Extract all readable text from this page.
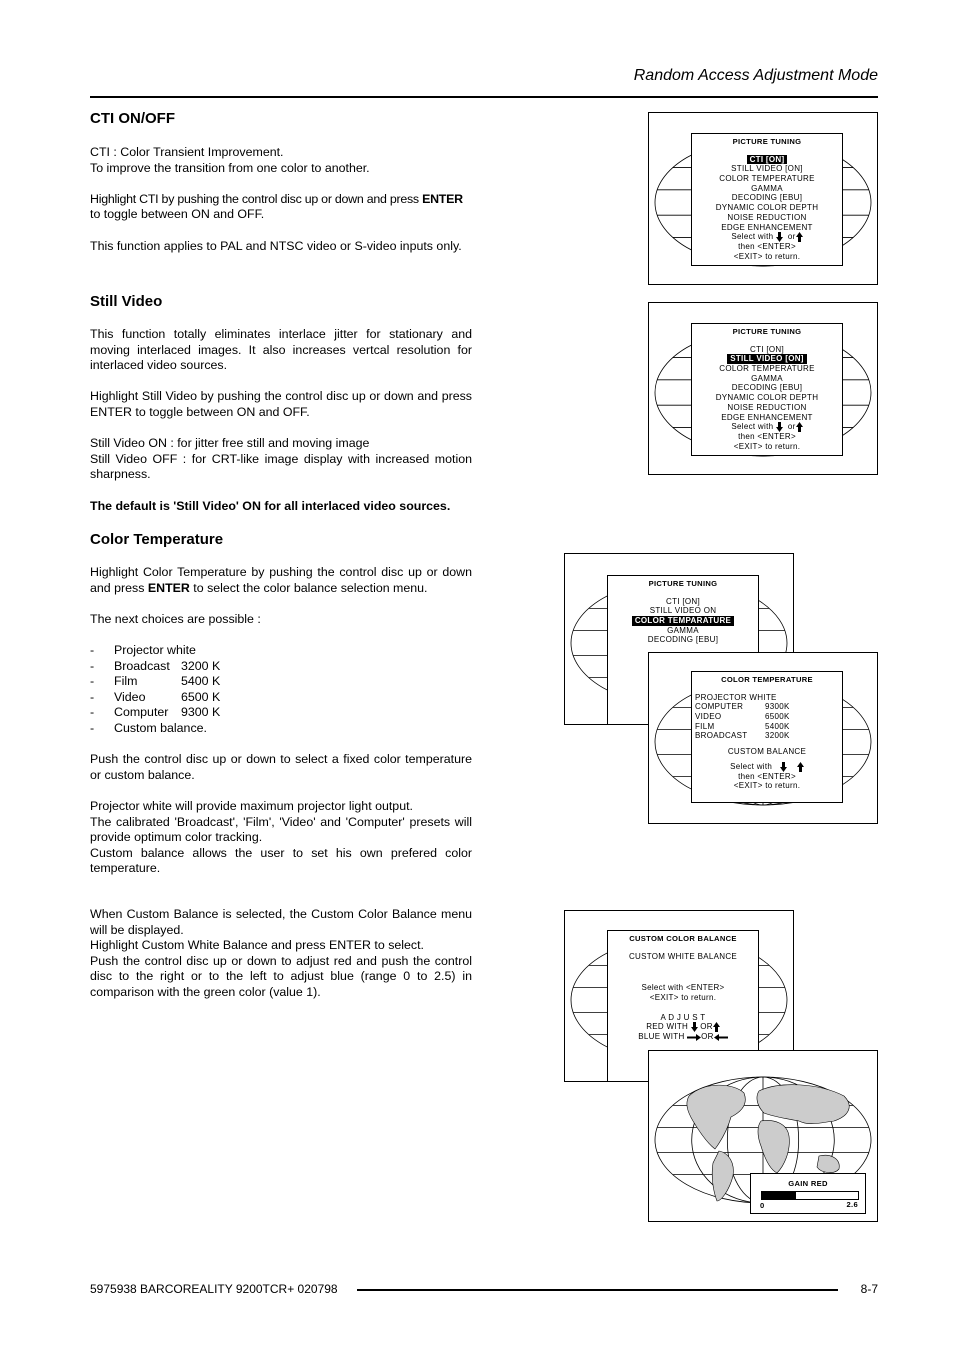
Random Access Adjustment Mode
CTI ON/OFF
CTI : Color Transient Improvement.
To improve the transition from one color to another.
Highlight CTI by pushing the control disc up or down and press ENTER
to toggle between ON and OFF.
This function applies to PAL and NTSC video or S-video inputs only.
Still Video
This function totally eliminates interlace jitter for stationary and moving interlaced images. It also increases vertcal resolution for interlaced video sources.
Highlight Still Video by pushing the control disc up or down and press ENTER to toggle between ON and OFF.
Still Video ON : for jitter free still and moving image
Still Video OFF : for CRT-like image display with increased motion sharpness.
The default is 'Still Video' ON for all interlaced video sources.
Color Temperature
Highlight Color Temperature by pushing the control disc up or down and press ENTER to select the color balance selection menu.
The next choices are possible :
- Projector white
- Broadcast 3200 K
- Film	5400 K
- Video	6500 K
- Computer 9300 K
- Custom balance.
Push the control disc up or down to select a fixed color temperature or custom balance.
Projector white will provide maximum projector light output.
The calibrated 'Broadcast', 'Film', 'Video' and 'Computer' presets will provide optimum color tracking.
Custom balance allows the user to set his own prefered color temperature.
When Custom Balance is selected, the Custom Color Balance menu will be displayed.
Highlight Custom White Balance and press ENTER to select.
Push the control disc up or down to adjust red and push the control disc to the right or to the left to adjust blue (range 0 to 2.5) in comparison with the green color (value 1).
PICTURE TUNING
CTI [ON]
STILL VIDEO [ON]
COLOR TEMPERATURE
GAMMA
DECODING [EBU]
DYNAMIC COLOR DEPTH
NOISE REDUCTION
EDGE ENHANCEMENT
Select with or
then <ENTER>
<EXIT> to return.
PICTURE TUNING
CTI [ON]
STILL VIDEO [ON]
COLOR TEMPERATURE
GAMMA
DECODING [EBU]
DYNAMIC COLOR DEPTH
NOISE REDUCTION
EDGE ENHANCEMENT
Select with or
then <ENTER>
<EXIT> to return.
PICTURE TUNING
CTI [ON]
STILL VIDEO ON
COLOR TEMPARATURE
GAMMA
DECODING [EBU]
COLOR TEMPERATURE
PROJECTOR WHITE
COMPUTER	9300K
VIDEO	6500K
FILM	5400K
BROADCAST 3200K
CUSTOM BALANCE
Select with
then <ENTER>
<EXIT> to return.
CUSTOM COLOR BALANCE
CUSTOM WHITE BALANCE
Select with <ENTER>
<EXIT> to return.
A D J U S T
RED WITH OR
BLUE WITH OR
GAIN RED
0	2.6
5975938 BARCOREALITY 9200TCR+ 020798	8-7
